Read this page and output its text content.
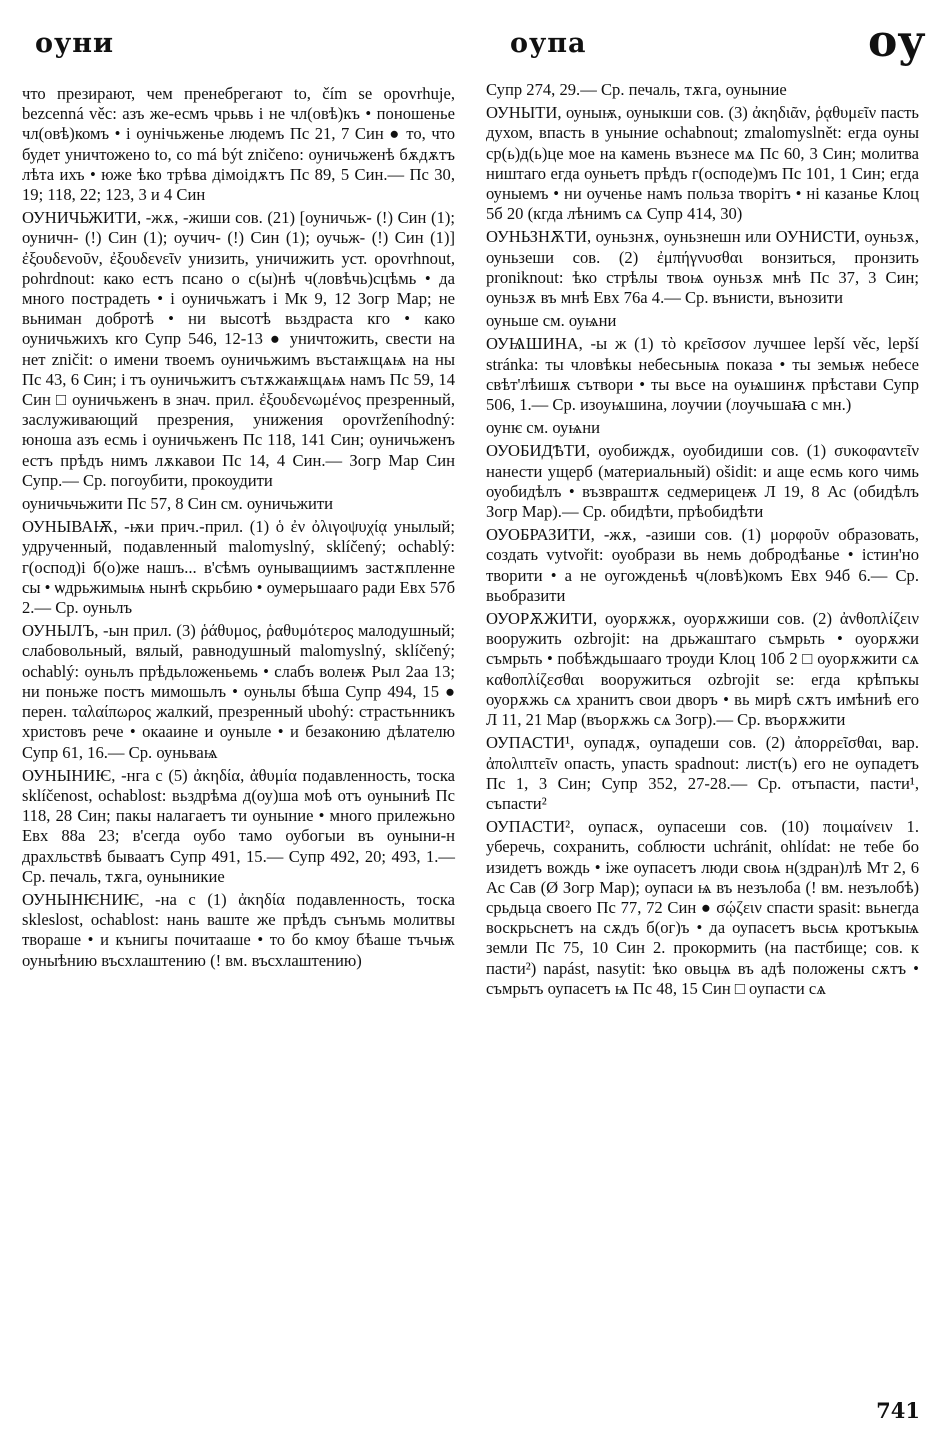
оуни	оупа	оу

что презирают, чем пренебрегают to, čím se opovrhuje, bezcenná věc: азъ же-есмъ чрьвь і не чл(овѣ)къ • поношенье чл(овѣ)комъ • і оунічьженье людемъ Пс 21, 7 Син ● то, что будет уничтожено to, co má být zničeno: оуничьженѣ бѫдѫтъ лѣта ихъ • юже ѣко трѣва дімоідѫтъ Пс 89, 5 Син.— Пс 30, 19; 118, 22; 123, 3 и 4 Син

ОУНИЧЬЖИТИ, -жѫ, -жиши сов. (21) [оуничьж- (!) Син (1); оуничн- (!) Син (1); оучич- (!) Син (1); оучьж- (!) Син (1)] ἐξουδενοῦν, ἐξουδενεῖν унизить, уничижить уст. opovrhnout, pohrdnout: како естъ псано о с(ы)нѣ ч(ловѣчь)сцѣмь • да много пострадеть • і оуничьжатъ і Мк 9, 12 Зогр Мар; не вьниман добротѣ • ни высотѣ вьздраста кго • како оуничьжихъ кго Супр 546, 12-13 ● уничтожить, свести на нет zničit: о имени твоемъ оуничьжимъ въстаѭщѧѩ на ны Пс 43, 6 Син; і тъ оуничьжитъ сътѫжаѭщѧѩ намъ Пс 59, 14 Син □ оуничьженъ в знач. прил. ἐξουδενωμένος презренный, заслуживающий презрения, унижения opovrženíhodný: юноша азъ есмь і оуничьженъ Пс 118, 141 Син; оуничьженъ естъ прѣдъ нимъ лѫкавои Пс 14, 4 Син.— Зогр Мар Син Супр.— Ср. погоубити, прокоудити

оуничьчьжити Пс 57, 8 Син см. оуничьжити

ОУНЫВАѬ, -ѭи прич.-прил. (1) ὁ ἐν ὀλιγοψυχίᾳ унылый; удрученный, подавленный malomyslný, sklíčený; ochablý: г(оспод)і б(о)же нашъ... в'сѣмъ оуныващиимъ застѫпленне сы • ѡдрьжимыѩ нынѣ скрьбию • оумерьшааго ради Евх 57б 2.— Ср. оуньлъ

ОУНЫЛЪ, -ын прил. (3) ῥάθυμος, ῥαθυμότερος малодушный; слабовольный, вялый, равнодушный malomyslný, sklíčený; ochablý: оуньлъ прѣдьложеньемь • слабъ волеѭ Рыл 2аа 13; ни поньже постъ мимошьлъ • оуньлы бѣша Супр 494, 15 ● перен. ταλαίπωρος жалкий, презренный ubohý: страстьнникъ христовъ рече • окааине и оуныле • и безаконию дѣлателю Супр 61, 16.— Ср. оуньваѩ

ОУНЫНИѤ, -нга с (5) ἀκηδία, ἀθυμία подавленность, тоска sklíčenost, ochablost: вьздрѣма д(оу)ша моѣ отъ оуныниѣ Пс 118, 28 Син; пакы налагаетъ ти оуныние • много прилежьно Евх 88а 23; в'сегда оубо тамо оубогыи въ оуныни-н драхльствѣ бываатъ Супр 491, 15.— Супр 492, 20; 493, 1.— Ср. печаль, тѫга, оуныникие

ОУНЫНѤНИѤ, -на с (1) ἀκηδία подавленность, тоска skleslost, ochablost: нань ваште же прѣдъ сънъмь молитвы твораше • и кънигы почитааше • то бо кмоу бѣаше тъчьѭ оуныѣнию въсхлаштению (! вм. въсхлаштению)

Супр 274, 29.— Ср. печаль, тѫга, оуныние

ОУНЫТИ, оуныѭ, оуныкши сов. (3) ἀκηδιᾶν, ῥᾳθυμεῖν пасть духом, впасть в уныние ochabnout; zmalomyslnět: егда оуны ср(ь)д(ь)це мое на камень възнесе мѧ Пс 60, 3 Син; молитва ништаго егда оуньетъ прѣдъ г(осподе)мъ Пс 101, 1 Син; егда оуныемъ • ни оученье намъ польза творітъ • ні казанье Клоц 5б 20 (кгда лѣнимъ сѧ Супр 414, 30)

ОУНЬЗНѪТИ, оуньзнѫ, оуньзнешн или ОУНИСТИ, оуньзѫ, оуньзеши сов. (2) ἐμπήγνυσθαι вонзиться, пронзить proniknout: ѣко стрѣлы твоѩ оуньзѫ мнѣ Пс 37, 3 Син; оуньзѫ въ мнѣ Евх 76а 4.— Ср. вънисти, вънозити

оуньше см. оуѩни

ОУѨШИНА, -ы ж (1) τὸ κρεῖσσον лучшее lepší věc, lepší stránka: ты чловѣкы небесьныѩ показа • ты земьѭ небесе свѣт'лѣишѫ сътвори • ты вьсе на оуѩшинѫ прѣстави Супр 506, 1.— Ср. изоуѩшина, лоучии (лоучьшаꙗ с мн.)

оунѥ см. оуѩни

ОУОБИДѢТИ, оуобиждѫ, оуобидиши сов. (1) συκοφαντεῖν нанести ущерб (материальный) ošidit: и аще есмь кого чимь оуобидѣлъ • възвраштѫ седмерицеѭ Л 19, 8 Ас (обидѣлъ Зогр Мар).— Ср. обидѣти, прѣобидѣти

ОУОБРАЗИТИ, -жѫ, -азиши сов. (1) μορφοῦν образовать, создать vytvořit: оуобрази вь немь добродѣанье • істин'но творити • а не оугожденьѣ ч(ловѣ)комъ Евх 94б 6.— Ср. вьобразити

ОУОРѪЖИТИ, оуорѫжѫ, оуорѫжиши сов. (2) ἀνθοπλίζειν вооружить ozbrojit: на дрьжаштаго съмрьть • оуорѫжи съмрьть • побѣждьшааго троуди Клоц 10б 2 □ оуорѫжити сѧ καθοπλίζεσθαι вооружиться ozbrojit se: егда крѣпъкы оуорѫжь сѧ хранитъ свои дворъ • вь мирѣ сѫтъ имѣниѣ его Л 11, 21 Мар (въорѫжь сѧ Зогр).— Ср. въорѫжити

ОУПАСТИ¹, оупадѫ, оупадеши сов. (2) ἀπορρεῖσθαι, вар. ἀπολιπτεῖν опасть, упасть spadnout: лист(ъ) его не оупадетъ Пс 1, 3 Син; Супр 352, 27-28.— Ср. отъпасти, пасти¹, съпасти²

ОУПАСТИ², оупасѫ, оупасеши сов. (10) ποιμαίνειν 1. уберечь, сохранить, соблюсти uchránit, ohlídat: не тебе бо изидетъ вождь • іже оупасетъ люди своѩ н(здран)лѣ Мт 2, 6 Ас Сав (Ø Зогр Мар); оупаси ѩ въ незълоба (! вм. незълобѣ) срьдьца своего Пс 77, 72 Син ● σῴζειν спасти spasit: вьнегда воскрьснетъ на сѫдъ б(ог)ъ • да оупасетъ вьсѩ кротъкыѩ земли Пс 75, 10 Син 2. прокормить (на пастбище; сов. к пасти²) napást, nasytit: ѣко овьцѩ въ адѣ положены сѫтъ • съмрьтъ оупасетъ ѩ Пс 48, 15 Син □ оупасти сѧ

741
